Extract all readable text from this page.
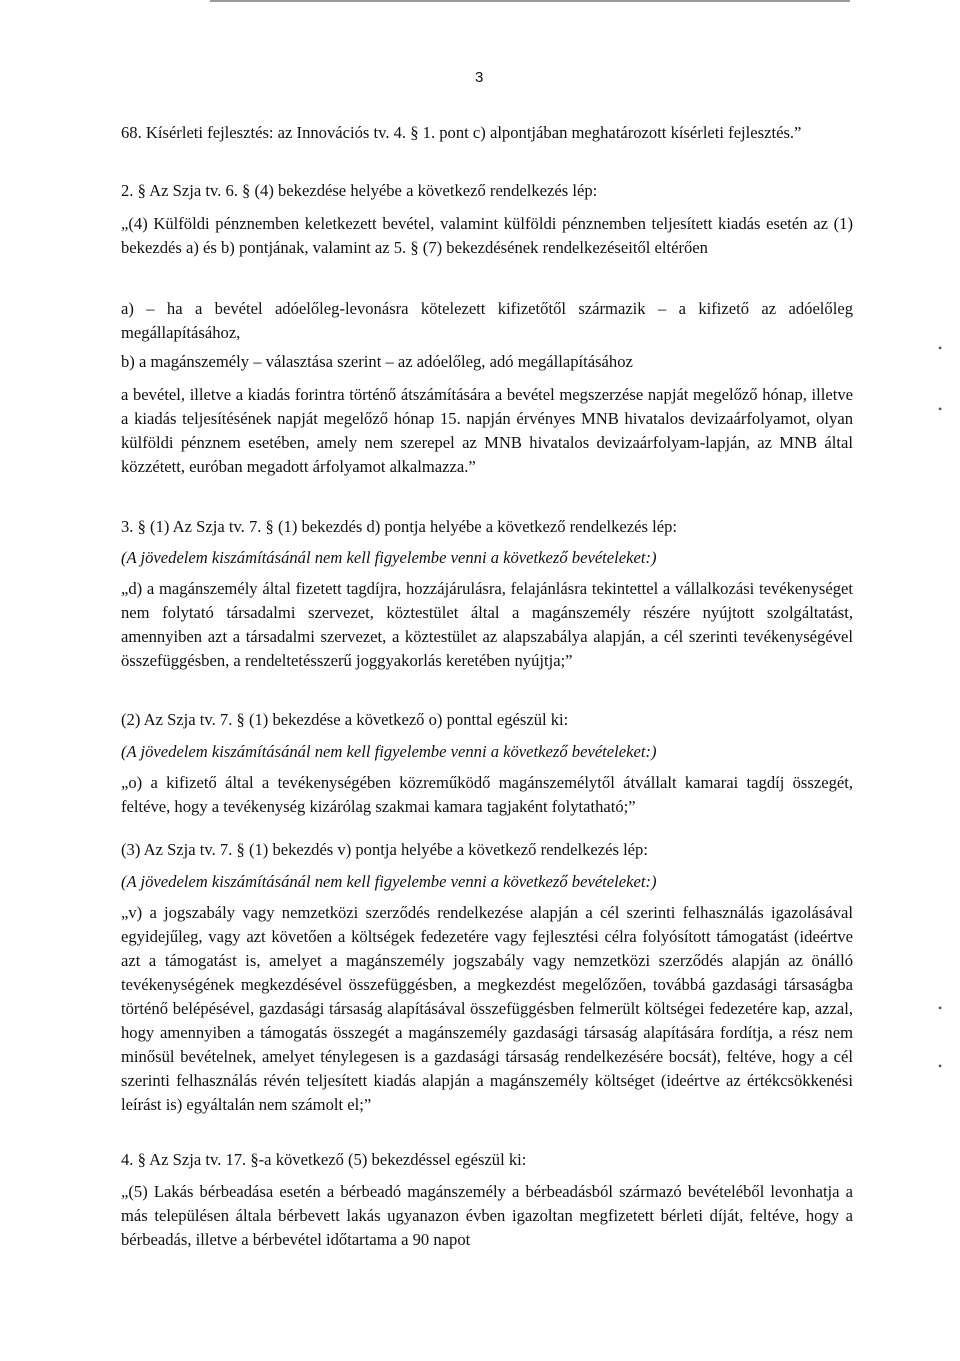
3

68. Kísérleti fejlesztés: az Innovációs tv. 4. § 1. pont c) alpontjában meghatározott kísérleti fejlesztés.”

2. § Az Szja tv. 6. § (4) bekezdése helyébe a következő rendelkezés lép:

„(4) Külföldi pénznemben keletkezett bevétel, valamint külföldi pénznemben teljesített kiadás esetén az (1) bekezdés a) és b) pontjának, valamint az 5. § (7) bekezdésének rendelkezéseitől eltérően

a) – ha a bevétel adóelőleg-levonásra kötelezett kifizetőtől származik – a kifizető az adóelőleg megállapításához,

b) a magánszemély – választása szerint – az adóelőleg, adó megállapításához

a bevétel, illetve a kiadás forintra történő átszámítására a bevétel megszerzése napját megelőző hónap, illetve a kiadás teljesítésének napját megelőző hónap 15. napján érvényes MNB hivatalos devizaárfolyamot, olyan külföldi pénznem esetében, amely nem szerepel az MNB hivatalos devizaárfolyam-lapján, az MNB által közzétett, euróban megadott árfolyamot alkalmazza.”

3. § (1) Az Szja tv. 7. § (1) bekezdés d) pontja helyébe a következő rendelkezés lép:

(A jövedelem kiszámításánál nem kell figyelembe venni a következő bevételeket:)

„d) a magánszemély által fizetett tagdíjra, hozzájárulásra, felajánlásra tekintettel a vállalkozási tevékenységet nem folytató társadalmi szervezet, köztestület által a magánszemély részére nyújtott szolgáltatást, amennyiben azt a társadalmi szervezet, a köztestület az alapszabálya alapján, a cél szerinti tevékenységével összefüggésben, a rendeltetésszerű joggyakorlás keretében nyújtja;”

(2) Az Szja tv. 7. § (1) bekezdése a következő o) ponttal egészül ki:

(A jövedelem kiszámításánál nem kell figyelembe venni a következő bevételeket:)

„o) a kifizető által a tevékenységében közreműködő magánszemélytől átvállalt kamarai tagdíj összegét, feltéve, hogy a tevékenység kizárólag szakmai kamara tagjaként folytatható;”

(3) Az Szja tv. 7. § (1) bekezdés v) pontja helyébe a következő rendelkezés lép:

(A jövedelem kiszámításánál nem kell figyelembe venni a következő bevételeket:)

„v) a jogszabály vagy nemzetközi szerződés rendelkezése alapján a cél szerinti felhasználás igazolásával egyidejűleg, vagy azt követően a költségek fedezetére vagy fejlesztési célra folyósított támogatást (ideértve azt a támogatást is, amelyet a magánszemély jogszabály vagy nemzetközi szerződés alapján az önálló tevékenységének megkezdésével összefüggésben, a megkezdést megelőzően, továbbá gazdasági társaságba történő belépésével, gazdasági társaság alapításával összefüggésben felmerült költségei fedezetére kap, azzal, hogy amennyiben a támogatás összegét a magánszemély gazdasági társaság alapítására fordítja, a rész nem minősül bevételnek, amelyet ténylegesen is a gazdasági társaság rendelkezésére bocsát), feltéve, hogy a cél szerinti felhasználás révén teljesített kiadás alapján a magánszemély költséget (ideértve az értékcsökkenési leírást is) egyáltalán nem számolt el;”

4. § Az Szja tv. 17. §-a következő (5) bekezdéssel egészül ki:

„(5) Lakás bérbeadása esetén a bérbeadó magánszemély a bérbeadásból származó bevételéből levonhatja a más településen általa bérbevett lakás ugyanazon évben igazoltan megfizetett bérleti díját, feltéve, hogy a bérbeadás, illetve a bérbevétel időtartama a 90 napot

•
•
•
•
